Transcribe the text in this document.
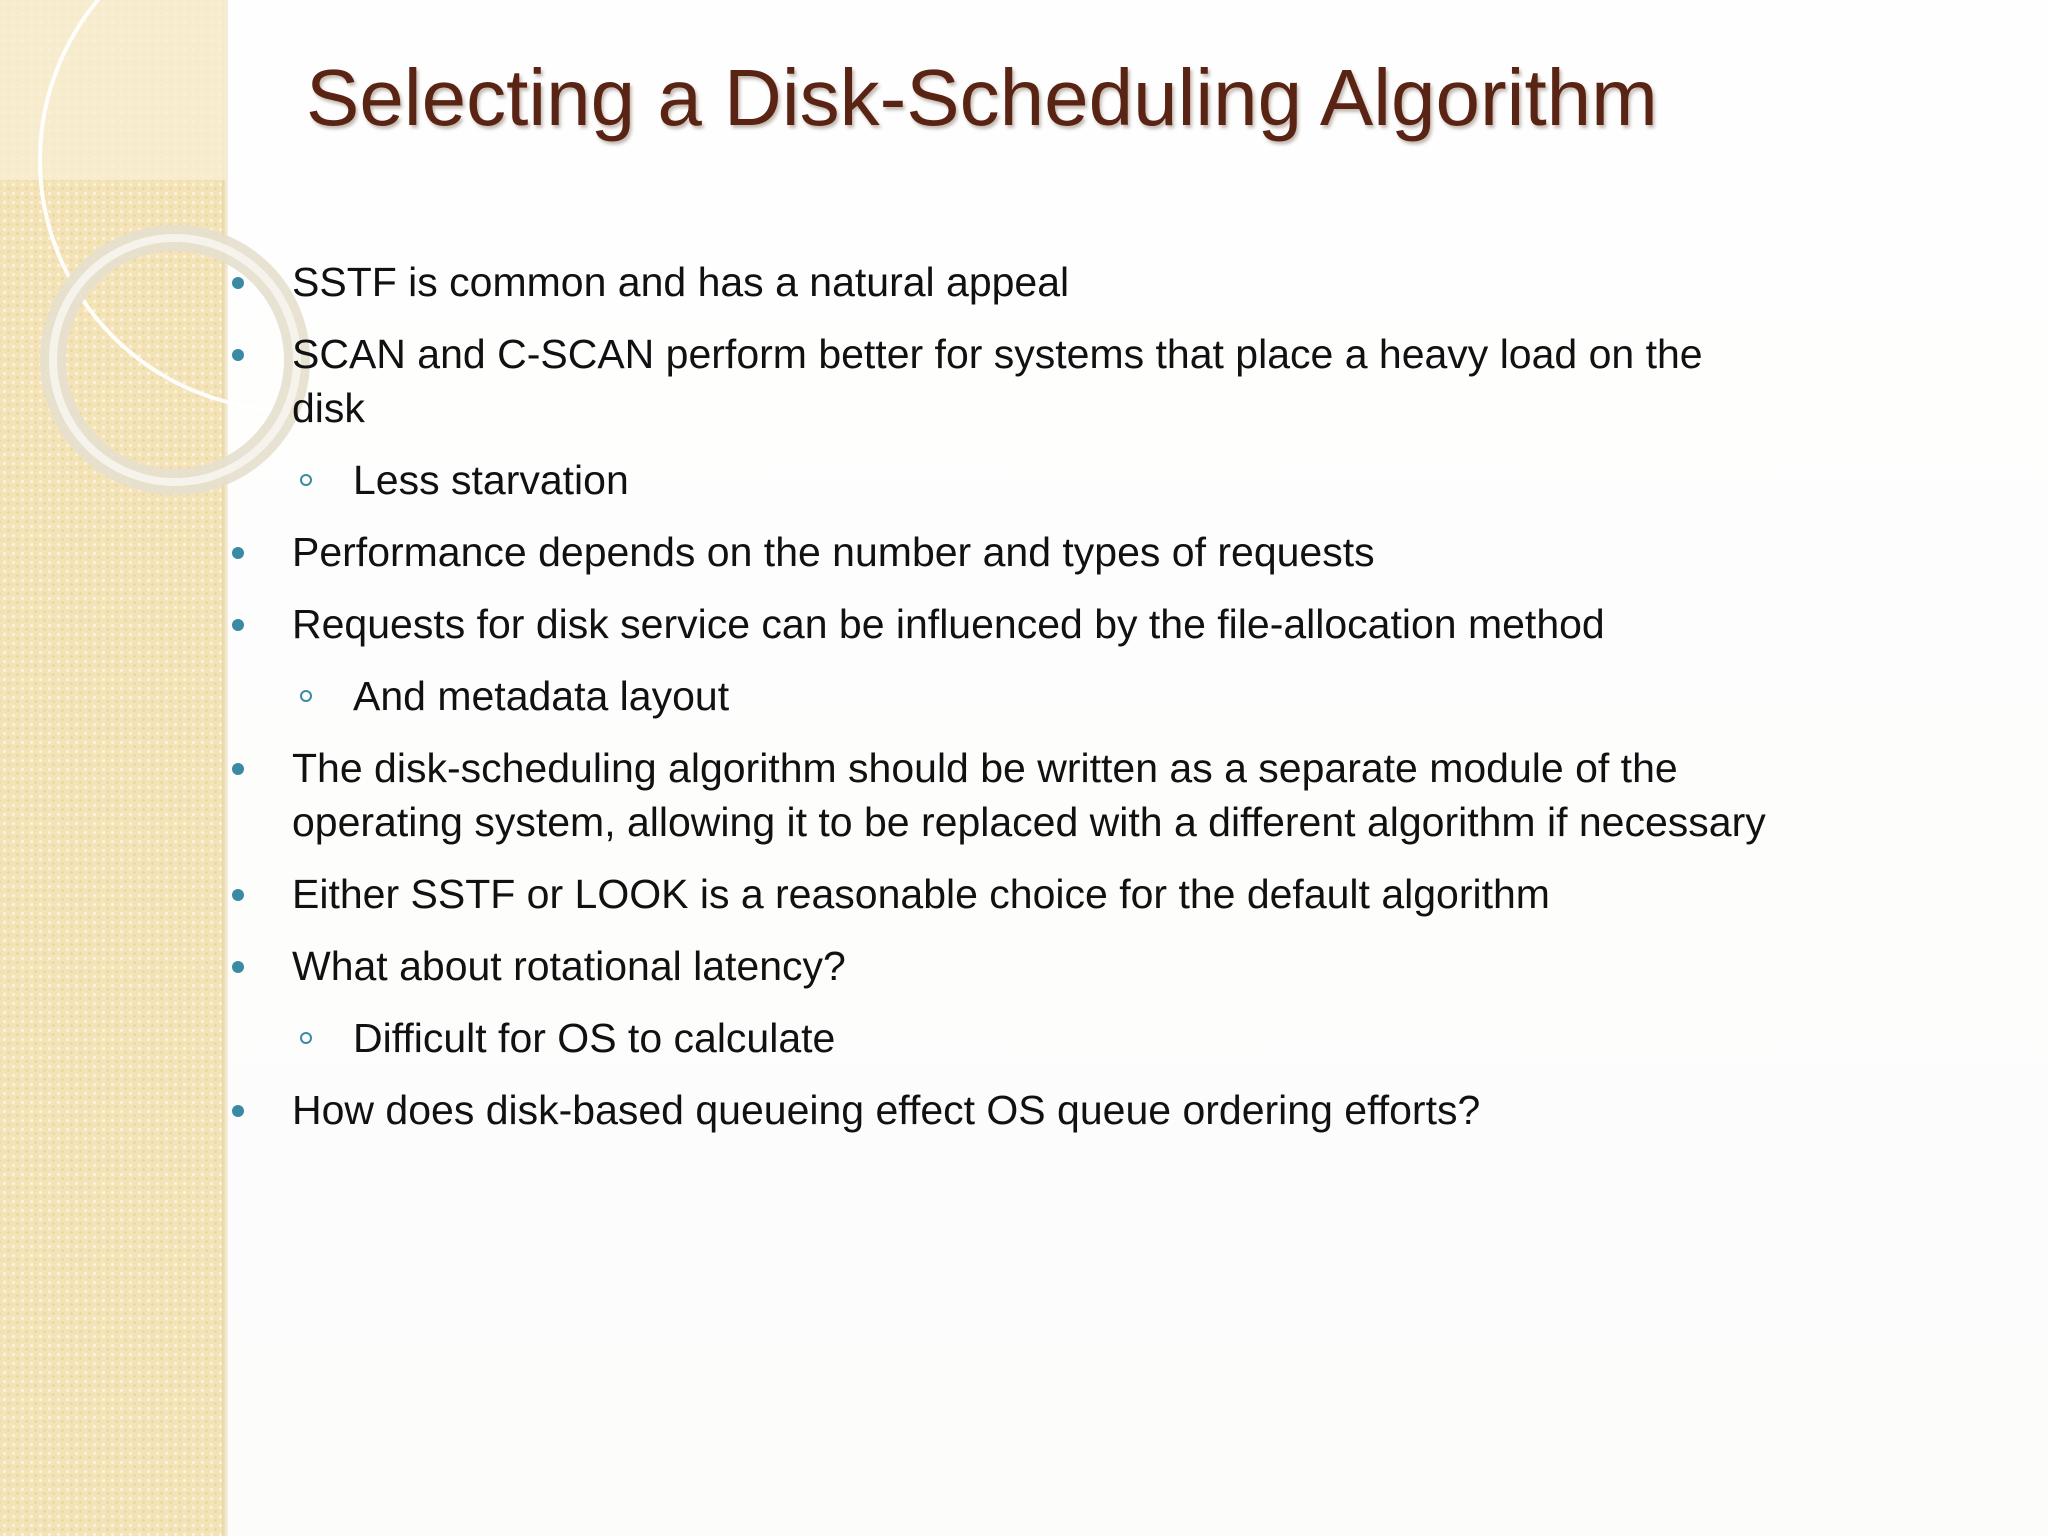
Selecting a Disk-Scheduling Algorithm
SSTF is common and has a natural appeal
SCAN and C-SCAN perform better for systems that place a heavy load on the disk
Less starvation
Performance depends on the number and types of requests
Requests for disk service can be influenced by the file-allocation method
And metadata layout
The disk-scheduling algorithm should be written as a separate module of the operating system, allowing it to be replaced with a different algorithm if necessary
Either SSTF or LOOK is a reasonable choice for the default algorithm
What about rotational latency?
Difficult for OS to calculate
How does disk-based queueing effect OS queue ordering efforts?
